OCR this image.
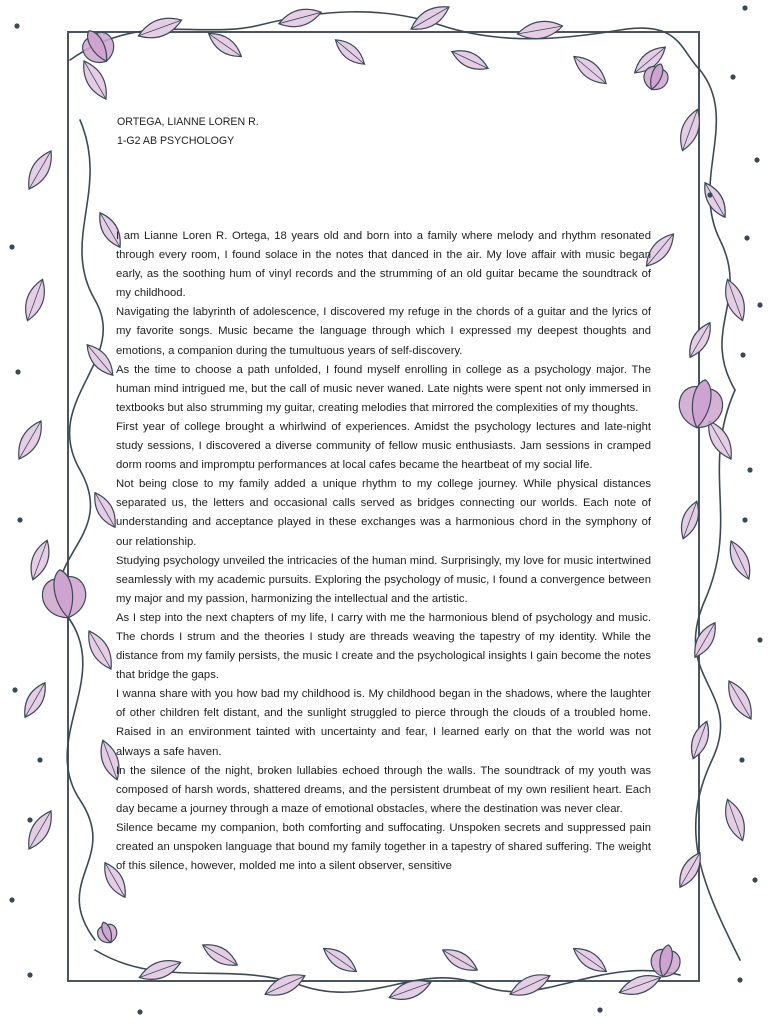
ORTEGA, LIANNE LOREN R.
1-G2 AB PSYCHOLOGY

I am Lianne Loren R. Ortega, 18 years old and born into a family where melody and rhythm resonated through every room, I found solace in the notes that danced in the air. My love affair with music began early, as the soothing hum of vinyl records and the strumming of an old guitar became the soundtrack of my childhood.

Navigating the labyrinth of adolescence, I discovered my refuge in the chords of a guitar and the lyrics of my favorite songs. Music became the language through which I expressed my deepest thoughts and emotions, a companion during the tumultuous years of self-discovery.

As the time to choose a path unfolded, I found myself enrolling in college as a psychology major. The human mind intrigued me, but the call of music never waned. Late nights were spent not only immersed in textbooks but also strumming my guitar, creating melodies that mirrored the complexities of my thoughts.

First year of college brought a whirlwind of experiences. Amidst the psychology lectures and late-night study sessions, I discovered a diverse community of fellow music enthusiasts. Jam sessions in cramped dorm rooms and impromptu performances at local cafes became the heartbeat of my social life.

Not being close to my family added a unique rhythm to my college journey. While physical distances separated us, the letters and occasional calls served as bridges connecting our worlds. Each note of understanding and acceptance played in these exchanges was a harmonious chord in the symphony of our relationship.

Studying psychology unveiled the intricacies of the human mind. Surprisingly, my love for music intertwined seamlessly with my academic pursuits. Exploring the psychology of music, I found a convergence between my major and my passion, harmonizing the intellectual and the artistic.

As I step into the next chapters of my life, I carry with me the harmonious blend of psychology and music. The chords I strum and the theories I study are threads weaving the tapestry of my identity. While the distance from my family persists, the music I create and the psychological insights I gain become the notes that bridge the gaps.

I wanna share with you how bad my childhood is. My childhood began in the shadows, where the laughter of other children felt distant, and the sunlight struggled to pierce through the clouds of a troubled home. Raised in an environment tainted with uncertainty and fear, I learned early on that the world was not always a safe haven.

In the silence of the night, broken lullabies echoed through the walls. The soundtrack of my youth was composed of harsh words, shattered dreams, and the persistent drumbeat of my own resilient heart. Each day became a journey through a maze of emotional obstacles, where the destination was never clear.

Silence became my companion, both comforting and suffocating. Unspoken secrets and suppressed pain created an unspoken language that bound my family together in a tapestry of shared suffering. The weight of this silence, however, molded me into a silent observer, sensitive
